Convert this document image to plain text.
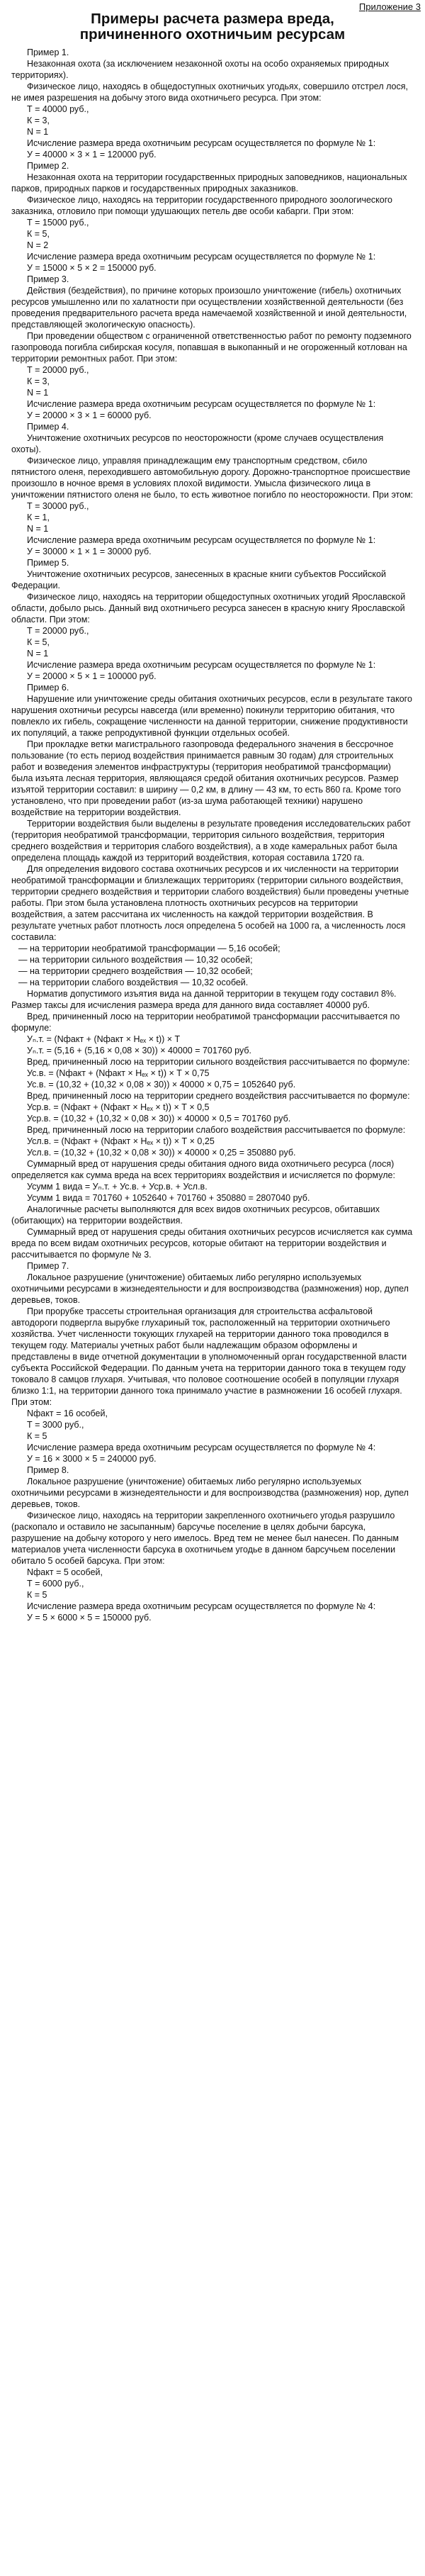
Приложение 3
Примеры расчета размера вреда,
причиненного охотничьим ресурсам

Пример 1.

Незаконная охота (за исключением незаконной охоты на особо охраняемых природных территориях).

Физическое лицо, находясь в общедоступных охотничьих угодьях, совершило отстрел лося, не имея разрешения на добычу этого вида охотничьего ресурса. При этом:

Т = 40000 руб.,

К = 3,

N = 1

Исчисление размера вреда охотничьим ресурсам осуществляется по формуле № 1:

У = 40000 × 3 × 1 = 120000 руб.

Пример 2.

Незаконная охота на территории государственных природных заповедников, национальных парков, природных парков и государственных природных заказников.

Физическое лицо, находясь на территории государственного природного зоологического заказника, отловило при помощи удушающих петель две особи кабарги. При этом:

Т = 15000 руб.,

К = 5,

N = 2

Исчисление размера вреда охотничьим ресурсам осуществляется по формуле № 1:

У = 15000 × 5 × 2 = 150000 руб.

Пример 3.

Действия (бездействия), по причине которых произошло уничтожение (гибель) охотничьих ресурсов умышленно или по халатности при осуществлении хозяйственной деятельности (без проведения предварительного расчета вреда намечаемой хозяйственной и иной деятельности, представляющей экологическую опасность).

При проведении обществом с ограниченной ответственностью работ по ремонту подземного газопровода погибла сибирская косуля, попавшая в выкопанный и не огороженный котлован на территории ремонтных работ. При этом:

Т = 20000 руб.,

К = 3,

N = 1

Исчисление размера вреда охотничьим ресурсам осуществляется по формуле № 1:

У = 20000 × 3 × 1 = 60000 руб.

Пример 4.

Уничтожение охотничьих ресурсов по неосторожности (кроме случаев осуществления охоты).

Физическое лицо, управляя принадлежащим ему транспортным средством, сбило пятнистого оленя, переходившего автомобильную дорогу. Дорожно-транспортное происшествие произошло в ночное время в условиях плохой видимости. Умысла физического лица в уничтожении пятнистого оленя не было, то есть животное погибло по неосторожности. При этом:

Т = 30000 руб.,

К = 1,

N = 1

Исчисление размера вреда охотничьим ресурсам осуществляется по формуле № 1:

У = 30000 × 1 × 1 = 30000 руб.

Пример 5.

Уничтожение охотничьих ресурсов, занесенных в красные книги субъектов Российской Федерации.

Физическое лицо, находясь на территории общедоступных охотничьих угодий Ярославской области, добыло рысь. Данный вид охотничьего ресурса занесен в красную книгу Ярославской области. При этом:

Т = 20000 руб.,

К = 5,

N = 1

Исчисление размера вреда охотничьим ресурсам осуществляется по формуле № 1:

У = 20000 × 5 × 1 = 100000 руб.

Пример 6.

Нарушение или уничтожение среды обитания охотничьих ресурсов, если в результате такого нарушения охотничьи ресурсы навсегда (или временно) покинули территорию обитания, что повлекло их гибель, сокращение численности на данной территории, снижение продуктивности их популяций, а также репродуктивной функции отдельных особей.

При прокладке ветки магистрального газопровода федерального значения в бессрочное пользование (то есть период воздействия принимается равным 30 годам) для строительных работ и возведения элементов инфраструктуры (территория необратимой трансформации) была изъята лесная территория, являющаяся средой обитания охотничьих ресурсов. Размер изъятой территории составил: в ширину — 0,2 км, в длину — 43 км, то есть 860 га. Кроме того установлено, что при проведении работ (из-за шума работающей техники) нарушено воздействие на территории воздействия.

Территории воздействия были выделены в результате проведения исследовательских работ (территория необратимой трансформации, территория сильного воздействия, территория среднего воздействия и территория слабого воздействия), а в ходе камеральных работ была определена площадь каждой из территорий воздействия, которая составила 1720 га.

Для определения видового состава охотничьих ресурсов и их численности на территории необратимой трансформации и близлежащих территориях (территории сильного воздействия, территории среднего воздействия и территории слабого воздействия) были проведены учетные работы. При этом была установлена плотность охотничьих ресурсов на территории воздействия, а затем рассчитана их численность на каждой территории воздействия. В результате учетных работ плотность лося определена 5 особей на 1000 га, а численность лося составила:

— на территории необратимой трансформации — 5,16 особей;

— на территории сильного воздействия — 10,32 особей;

— на территории среднего воздействия — 10,32 особей;

— на территории слабого воздействия — 10,32 особей.

Норматив допустимого изъятия вида на данной территории в текущем году составил 8%. Размер таксы для исчисления размера вреда для данного вида составляет 40000 руб.

Вред, причиненный лосю на территории необратимой трансформации рассчитывается по формуле:

Уₙ.т. = (Nфакт + (Nфакт × Нₑₓ × t)) × T

Уₙ.т. = (5,16 + (5,16 × 0,08 × 30)) × 40000 = 701760 руб.

Вред, причиненный лосю на территории сильного воздействия рассчитывается по формуле:

Ус.в. = (Nфакт + (Nфакт × Нₑₓ × t)) × Т × 0,75

Ус.в. = (10,32 + (10,32 × 0,08 × 30)) × 40000 × 0,75 = 1052640 руб.

Вред, причиненный лосю на территории среднего воздействия рассчитывается по формуле:

Уср.в. = (Nфакт + (Nфакт × Нₑₓ × t)) × Т × 0,5

Уср.в. = (10,32 + (10,32 × 0,08 × 30)) × 40000 × 0,5 = 701760 руб.

Вред, причиненный лосю на территории слабого воздействия рассчитывается по формуле:

Усл.в. = (Nфакт + (Nфакт × Нₑₓ × t)) × Т × 0,25

Усл.в. = (10,32 + (10,32 × 0,08 × 30)) × 40000 × 0,25 = 350880 руб.

Суммарный вред от нарушения среды обитания одного вида охотничьего ресурса (лося) определяется как сумма вреда на всех территориях воздействия и исчисляется по формуле:

Усумм 1 вида = Уₙ.т. + Ус.в. + Уср.в. + Усл.в.

Усумм 1 вида = 701760 + 1052640 + 701760 + 350880 = 2807040 руб.

Аналогичные расчеты выполняются для всех видов охотничьих ресурсов, обитавших (обитающих) на территории воздействия.

Суммарный вред от нарушения среды обитания охотничьих ресурсов исчисляется как сумма вреда по всем видам охотничьих ресурсов, которые обитают на территории воздействия и рассчитывается по формуле № 3.

Пример 7.

Локальное разрушение (уничтожение) обитаемых либо регулярно используемых охотничьими ресурсами в жизнедеятельности и для воспроизводства (размножения) нор, дупел деревьев, токов.

При прорубке трассеты строительная организация для строительства асфальтовой автодороги подвергла вырубке глухариный ток, расположенный на территории охотничьего хозяйства. Учет численности токующих глухарей на территории данного тока проводился в текущем году. Материалы учетных работ были надлежащим образом оформлены и представлены в виде отчетной документации в уполномоченный орган государственной власти субъекта Российской Федерации. По данным учета на территории данного тока в текущем году токовало 8 самцов глухаря. Учитывая, что половое соотношение особей в популяции глухаря близко 1:1, на территории данного тока принимало участие в размножении 16 особей глухаря. При этом:

Nфакт = 16 особей,

Т = 3000 руб.,

К = 5

Исчисление размера вреда охотничьим ресурсам осуществляется по формуле № 4:

У = 16 × 3000 × 5 = 240000 руб.

Пример 8.

Локальное разрушение (уничтожение) обитаемых либо регулярно используемых охотничьими ресурсами в жизнедеятельности и для воспроизводства (размножения) нор, дупел деревьев, токов.

Физическое лицо, находясь на территории закрепленного охотничьего угодья разрушило (раскопало и оставило не засыпанным) барсучье поселение в целях добычи барсука, разрушение на добычу которого у него имелось. Вред тем не менее был нанесен. По данным материалов учета численности барсука в охотничьем угодье в данном барсучьем поселении обитало 5 особей барсука. При этом:

Nфакт = 5 особей,

Т = 6000 руб.,

К = 5

Исчисление размера вреда охотничьим ресурсам осуществляется по формуле № 4:

У = 5 × 6000 × 5 = 150000 руб.
